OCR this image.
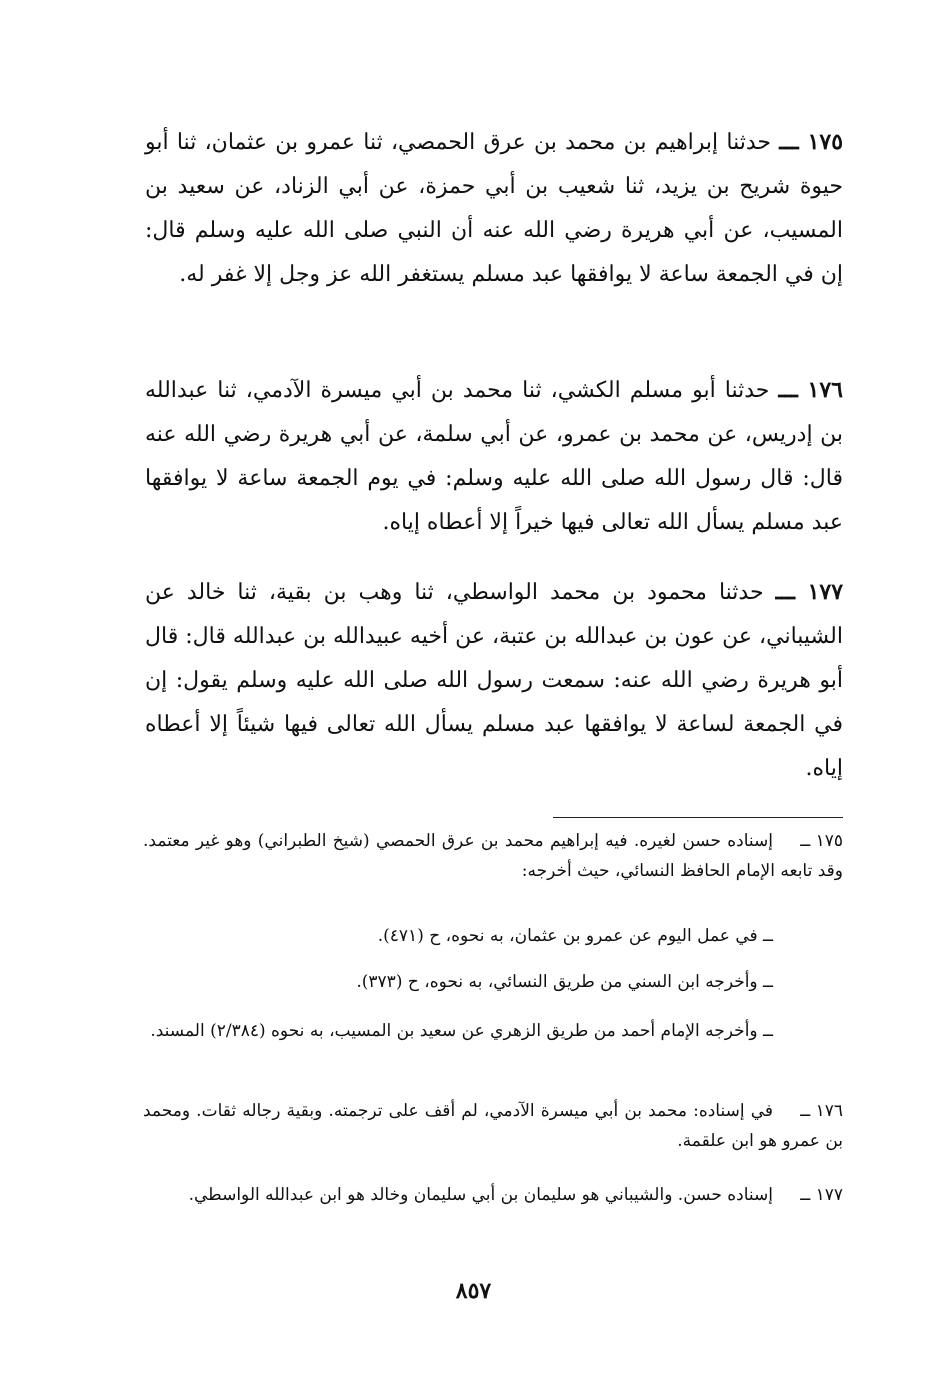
١٧٥ ـــ حدثنا إبراهيم بن محمد بن عرق الحمصي، ثنا عمرو بن عثمان، ثنا أبو حيوة شريح بن يزيد، ثنا شعيب بن أبي حمزة، عن أبي الزناد، عن سعيد بن المسيب، عن أبي هريرة رضي الله عنه أن النبي صلى الله عليه وسلم قال: إن في الجمعة ساعة لا يوافقها عبد مسلم يستغفر الله عز وجل إلا غفر له.
١٧٦ ـــ حدثنا أبو مسلم الكشي، ثنا محمد بن أبي ميسرة الآدمي، ثنا عبدالله بن إدريس، عن محمد بن عمرو، عن أبي سلمة، عن أبي هريرة رضي الله عنه قال: قال رسول الله صلى الله عليه وسلم: في يوم الجمعة ساعة لا يوافقها عبد مسلم يسأل الله تعالى فيها خيراً إلا أعطاه إياه.
١٧٧ ـــ حدثنا محمود بن محمد الواسطي، ثنا وهب بن بقية، ثنا خالد عن الشيباني، عن عون بن عبدالله بن عتبة، عن أخيه عبيدالله بن عبدالله قال: قال أبو هريرة رضي الله عنه: سمعت رسول الله صلى الله عليه وسلم يقول: إن في الجمعة لساعة لا يوافقها عبد مسلم يسأل الله تعالى فيها شيئاً إلا أعطاه إياه.
١٧٥ ــإسناده حسن لغيره. فيه إبراهيم محمد بن عرق الحمصي (شيخ الطبراني) وهو غير معتمد. وقد تابعه الإمام الحافظ النسائي، حيث أخرجه:
ــ في عمل اليوم عن عمرو بن عثمان، به نحوه، ح (٤٧١).
ــ وأخرجه ابن السني من طريق النسائي، به نحوه، ح (٣٧٣).
ــ وأخرجه الإمام أحمد من طريق الزهري عن سعيد بن المسيب، به نحوه (٢/٣٨٤) المسند.
١٧٦ ــفي إسناده: محمد بن أبي ميسرة الآدمي، لم أقف على ترجمته. وبقية رجاله ثقات. ومحمد بن عمرو هو ابن علقمة.
١٧٧ ــإسناده حسن. والشيباني هو سليمان بن أبي سليمان وخالد هو ابن عبدالله الواسطي.
٨٥٧
